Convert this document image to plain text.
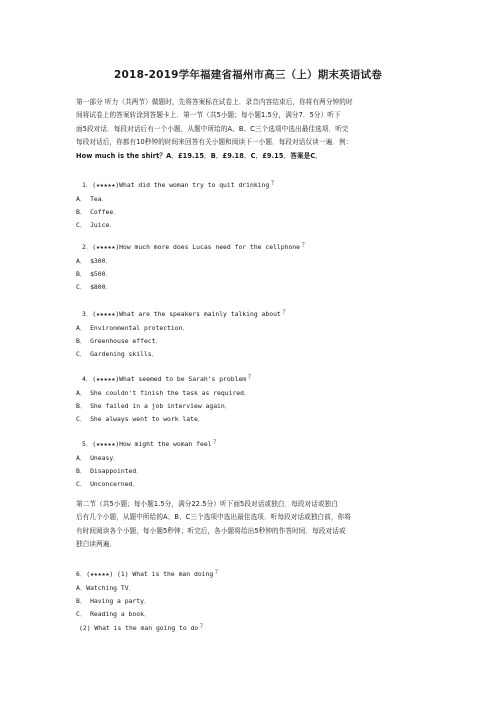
2018-2019学年福建省福州市高三（上）期末英语试卷
第一部分 听力（共两节）做题时，先将答案标在试卷上．录音内容结束后，你将有两分钟的时
间将试卷上的答案转涂到答题卡上．第一节（共5小题；每小题1.5分，满分7．5分）听下
面5段对话．每段对话后有一个小题，从题中所给的A、B、C三个选项中选出最佳选项．听完
每段对话后，你都有10秒钟的时间来回答有关小题和阅读下一小题．每段对话仅读一遍．例：
How much is the shirt？A．£19.15．B．£9.18．C．£9.15．答案是C．
1．(★★★★★)What did the woman try to quit drinking?
A． Tea．
B． Coffee．
C． Juice．
2．(★★★★★)How much more does Lucas need for the cellphone?
A． $300．
B． $500．
C． $800．
3．(★★★★★)What are the speakers mainly talking about?
A． Environmental protection．
B． Greenhouse effect．
C． Gardening skills．
4．(★★★★★)What seemed to be Sarah's problem?
A． She couldn't finish the task as required．
B． She failed in a job interview again．
C． She always went to work late．
5．(★★★★★)How might the woman feel?
A． Uneasy．
B． Disappointed．
C． Unconcerned．
第二节（共5小题；每小题1.5分，满分22.5分）听下面5段对话或独白．每段对话或独白
后有几个小题，从题中所给的A、B、C三个选项中选出最佳选项．听每段对话或独白前，你将
有时间阅读各个小题，每小题5秒钟；听完后，各小题将给出5秒钟的作答时间．每段对话或
独白读两遍．
6．(★★★★★) (1) What is the man doing?
A．Watching TV．
B． Having a party．
C． Reading a book．
(2) What is the man going to do?
